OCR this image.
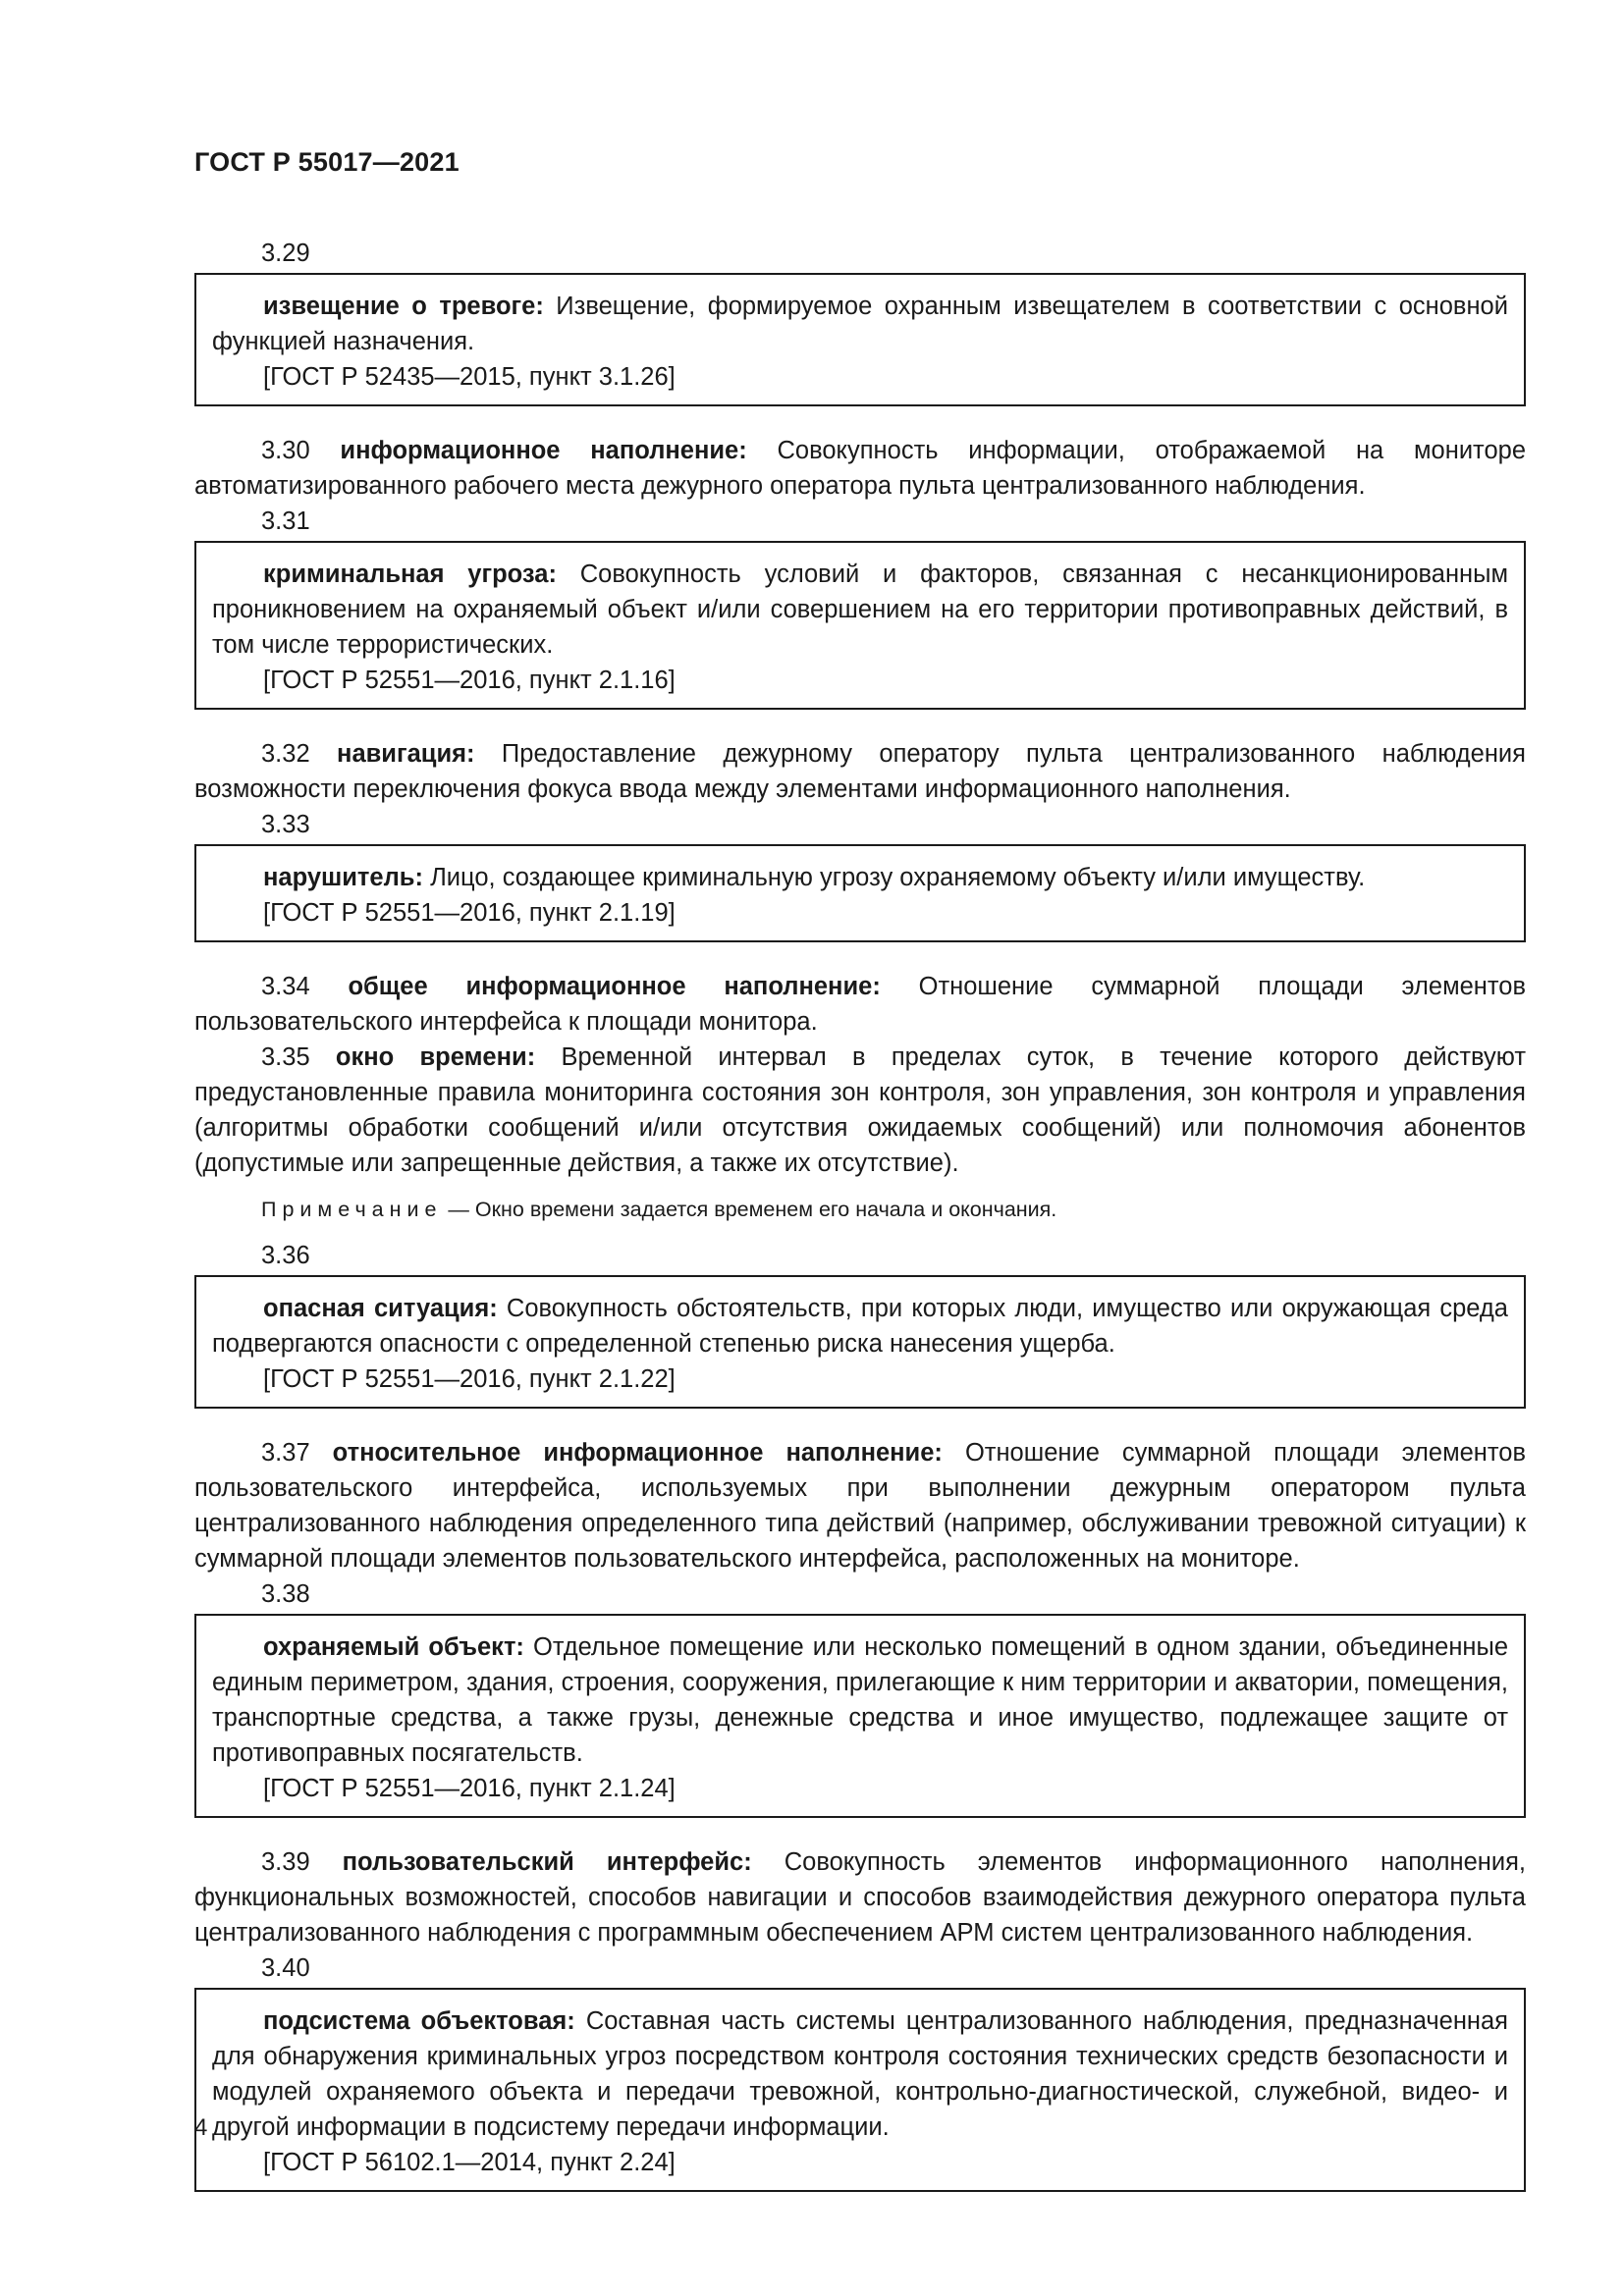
ГОСТ Р 55017—2021
3.29
извещение о тревоге: Извещение, формируемое охранным извещателем в соответствии с основной функцией назначения.
[ГОСТ Р 52435—2015, пункт 3.1.26]
3.30 информационное наполнение: Совокупность информации, отображаемой на мониторе автоматизированного рабочего места дежурного оператора пульта централизованного наблюдения.
3.31
криминальная угроза: Совокупность условий и факторов, связанная с несанкционированным проникновением на охраняемый объект и/или совершением на его территории противоправных действий, в том числе террористических.
[ГОСТ Р 52551—2016, пункт 2.1.16]
3.32 навигация: Предоставление дежурному оператору пульта централизованного наблюдения возможности переключения фокуса ввода между элементами информационного наполнения.
3.33
нарушитель: Лицо, создающее криминальную угрозу охраняемому объекту и/или имуществу.
[ГОСТ Р 52551—2016, пункт 2.1.19]
3.34 общее информационное наполнение: Отношение суммарной площади элементов пользовательского интерфейса к площади монитора.
3.35 окно времени: Временной интервал в пределах суток, в течение которого действуют предустановленные правила мониторинга состояния зон контроля, зон управления, зон контроля и управления (алгоритмы обработки сообщений и/или отсутствия ожидаемых сообщений) или полномочия абонентов (допустимые или запрещенные действия, а также их отсутствие).
Примечание — Окно времени задается временем его начала и окончания.
3.36
опасная ситуация: Совокупность обстоятельств, при которых люди, имущество или окружающая среда подвергаются опасности с определенной степенью риска нанесения ущерба.
[ГОСТ Р 52551—2016, пункт 2.1.22]
3.37 относительное информационное наполнение: Отношение суммарной площади элементов пользовательского интерфейса, используемых при выполнении дежурным оператором пульта централизованного наблюдения определенного типа действий (например, обслуживании тревожной ситуации) к суммарной площади элементов пользовательского интерфейса, расположенных на мониторе.
3.38
охраняемый объект: Отдельное помещение или несколько помещений в одном здании, объединенные единым периметром, здания, строения, сооружения, прилегающие к ним территории и акватории, помещения, транспортные средства, а также грузы, денежные средства и иное имущество, подлежащее защите от противоправных посягательств.
[ГОСТ Р 52551—2016, пункт 2.1.24]
3.39 пользовательский интерфейс: Совокупность элементов информационного наполнения, функциональных возможностей, способов навигации и способов взаимодействия дежурного оператора пульта централизованного наблюдения с программным обеспечением АРМ систем централизованного наблюдения.
3.40
подсистема объектовая: Составная часть системы централизованного наблюдения, предназначенная для обнаружения криминальных угроз посредством контроля состояния технических средств безопасности и модулей охраняемого объекта и передачи тревожной, контрольно-диагностической, служебной, видео- и другой информации в подсистему передачи информации.
[ГОСТ Р 56102.1—2014, пункт 2.24]
4
